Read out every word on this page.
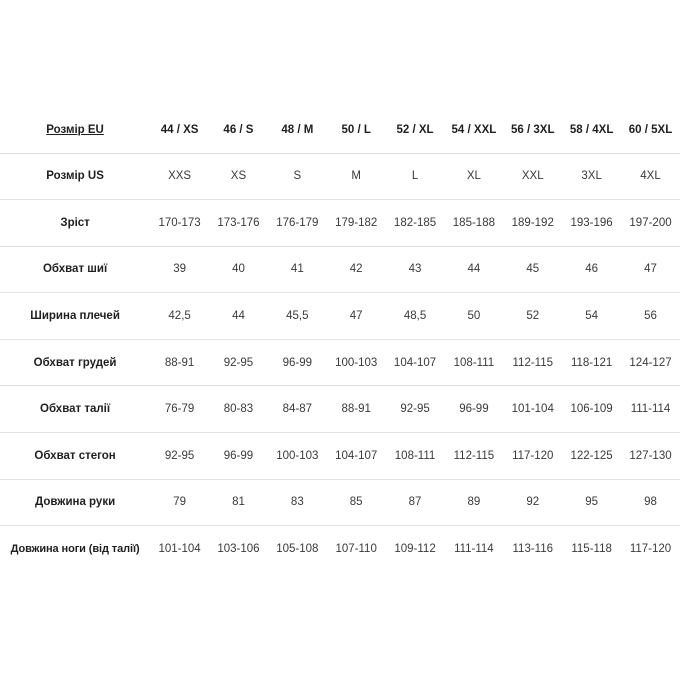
Розмір EU	44 / XS	46 / S	48 / M	50 / L	52 / XL	54 / XXL	56 / 3XL	58 / 4XL	60 / 5XL
Розмір US	XXS	XS	S	M	L	XL	XXL	3XL	4XL
Зріст	170-173	173-176	176-179	179-182	182-185	185-188	189-192	193-196	197-200
Обхват шиї	39	40	41	42	43	44	45	46	47
Ширина плечей	42,5	44	45,5	47	48,5	50	52	54	56
Обхват грудей	88-91	92-95	96-99	100-103	104-107	108-111	112-115	118-121	124-127
Обхват талії	76-79	80-83	84-87	88-91	92-95	96-99	101-104	106-109	111-114
Обхват стегон	92-95	96-99	100-103	104-107	108-111	112-115	117-120	122-125	127-130
Довжина руки	79	81	83	85	87	89	92	95	98
Довжина ноги (від талії)	101-104	103-106	105-108	107-110	109-112	111-114	113-116	115-118	117-120
